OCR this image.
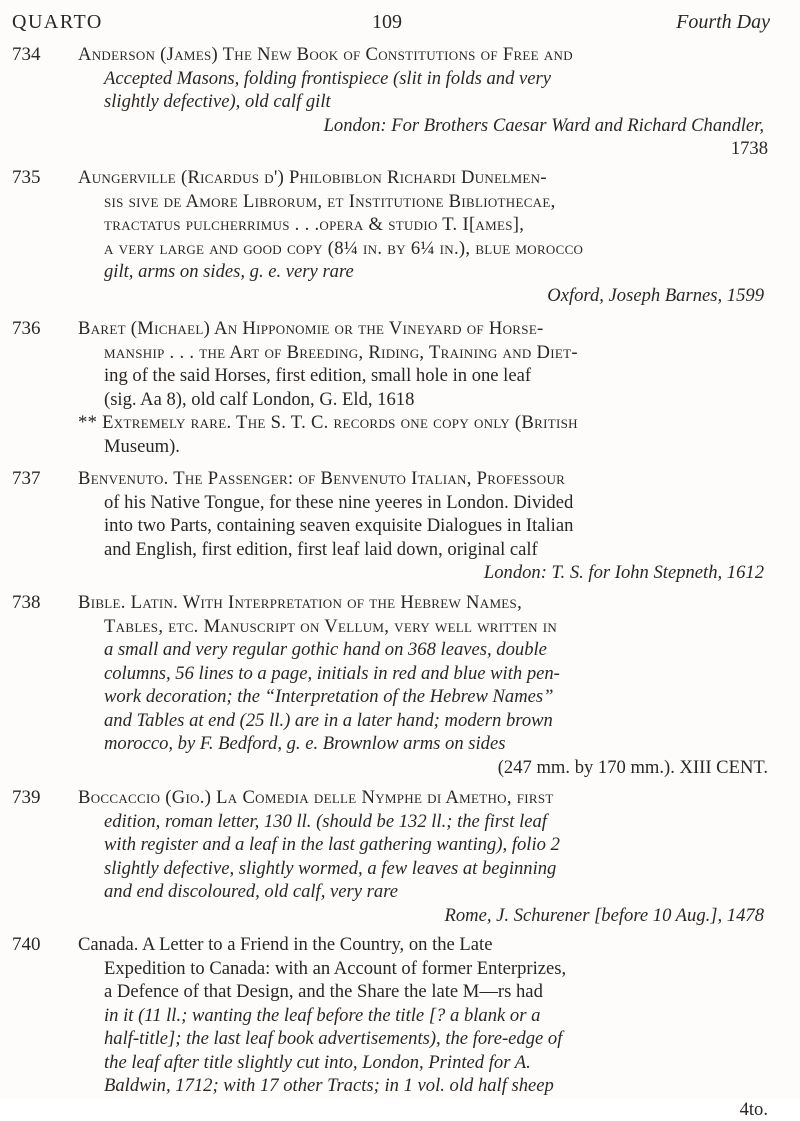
QUARTO	109	Fourth Day
734 Anderson (James) The New Book of Constitutions of Free and
Accepted Masons, folding frontispiece (slit in folds and very
slightly defective), old calf gilt
London: For Brothers Caesar Ward and Richard Chandler,
1738
735 Aungerville (Ricardus d') Philobiblon Richardi Dunelmen-
sis sive de Amore Librorum, et Institutione Bibliothecae,
tractatus pulcherrimus . . .opera & studio T. I[ames],
a very large and good copy (8¼ in. by 6¼ in.), blue morocco
gilt, arms on sides, g. e. very rare
Oxford, Joseph Barnes, 1599
736 Baret (Michael) An Hipponomie or the Vineyard of Horse-
manship . . . the Art of Breeding, Riding, Training and Diet-
ing of the said Horses, first edition, small hole in one leaf
(sig. Aa 8), old calf London, G. Eld, 1618
** Extremely rare. The S. T. C. records one copy only (British
Museum).
737 Benvenuto. The Passenger: of Benvenuto Italian, Professour
of his Native Tongue, for these nine yeeres in London. Divided
into two Parts, containing seaven exquisite Dialogues in Italian
and English, first edition, first leaf laid down, original calf
London: T. S. for Iohn Stepneth, 1612
738 Bible. Latin. With Interpretation of the Hebrew Names,
Tables, etc. Manuscript on Vellum, very well written in
a small and very regular gothic hand on 368 leaves, double
columns, 56 lines to a page, initials in red and blue with pen-
work decoration; the “Interpretation of the Hebrew Names”
and Tables at end (25 ll.) are in a later hand; modern brown
morocco, by F. Bedford, g. e. Brownlow arms on sides
(247 mm. by 170 mm.). XIII CENT.
739 Boccaccio (Gio.) La Comedia delle Nymphe di Ametho, first
edition, roman letter, 130 ll. (should be 132 ll.; the first leaf
with register and a leaf in the last gathering wanting), folio 2
slightly defective, slightly wormed, a few leaves at beginning
and end discoloured, old calf, very rare
Rome, J. Schurener [before 10 Aug.], 1478
740 Canada. A Letter to a Friend in the Country, on the Late
Expedition to Canada: with an Account of former Enterprizes,
a Defence of that Design, and the Share the late M—rs had
in it (11 ll.; wanting the leaf before the title [? a blank or a
half-title]; the last leaf book advertisements), the fore-edge of
the leaf after title slightly cut into, London, Printed for A.
Baldwin, 1712; with 17 other Tracts; in 1 vol. old half sheep
4to.
